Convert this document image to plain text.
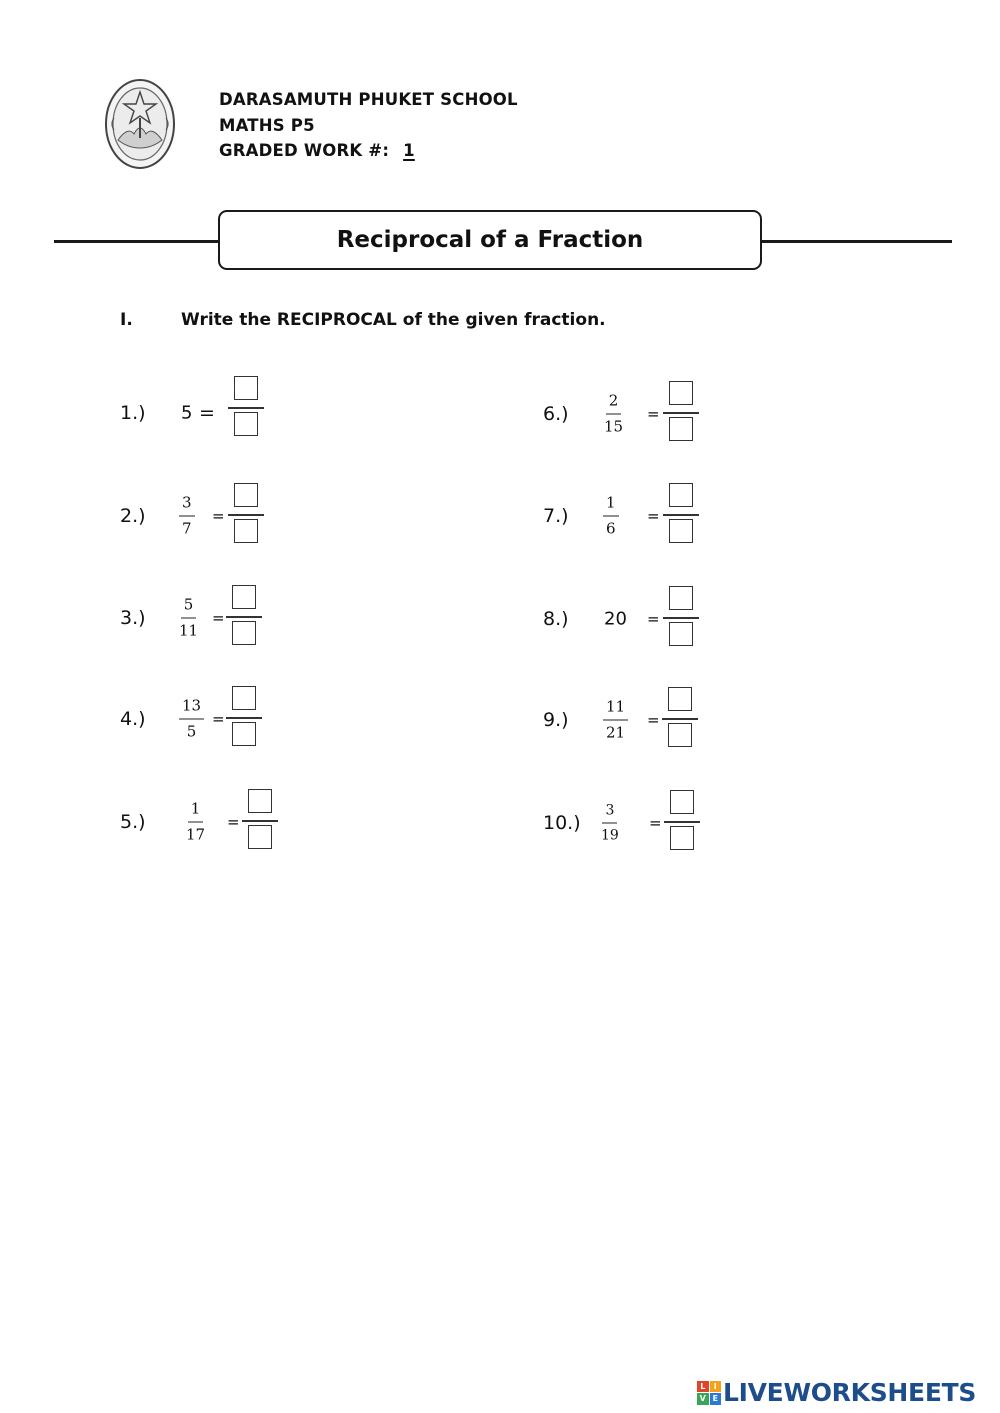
DARASAMUTH PHUKET SCHOOL
MATHS P5
GRADED WORK #: 1
Reciprocal of a Fraction
I.	Write the RECIPROCAL of the given fraction.
1.) 5 =
$2.) \frac{3}{7}$ =
$3.) \frac{5}{11}$ =
$4.) \frac{13}{5}$ =
5.)	$\frac{1}{17}$ =
$6.) \frac{2}{15}$ =
$7.) \frac{1}{6}$ =
8.) 20 =
$9.) \frac{11}{21}$ =
$10.) \frac{3}{19}$ =
L	I
V E LIVEWORKSHEETS
